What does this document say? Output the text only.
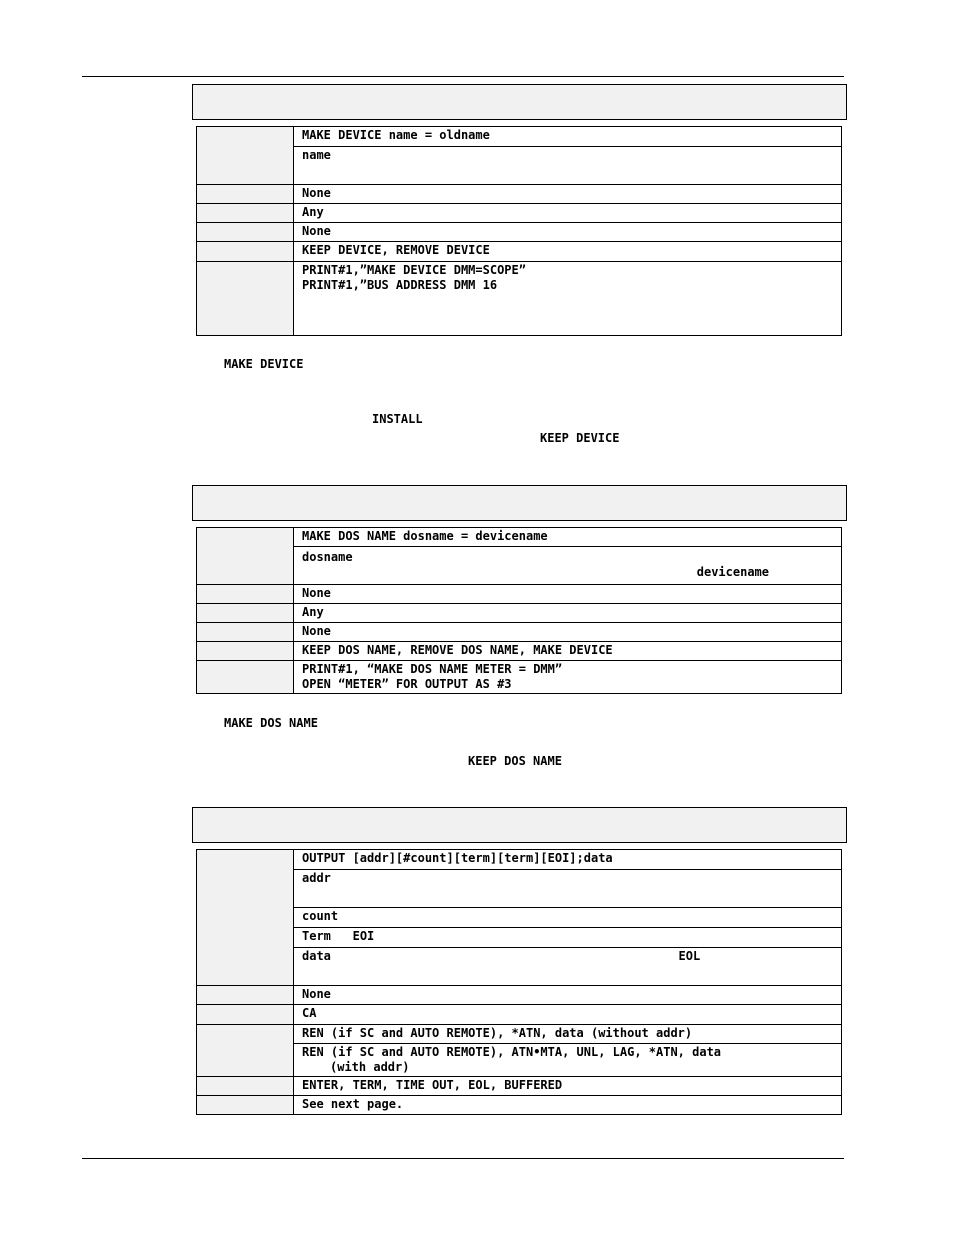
	MAKE DEVICE name = oldname
	name
	None
	Any
	None
	KEEP DEVICE, REMOVE DEVICE

	PRINT#1,”MAKE DEVICE DMM=SCOPE”
PRINT#1,”BUS ADDRESS DMM 16
MAKE DEVICE
INSTALL
KEEP DEVICE
	MAKE DOS NAME dosname = devicename

	dosname
devicename

	None
	Any
	None
	KEEP DOS NAME, REMOVE DOS NAME, MAKE DEVICE

	PRINT#1, “MAKE DOS NAME METER = DMM”
OPEN “METER” FOR OUTPUT AS #3
MAKE DOS NAME
KEEP DOS NAME
	OUTPUT [addr][#count][term][term][EOI];data
	addr
	count
	Term EOI
	data EOL

	None
	CA
	REN (if SC and AUTO REMOTE), *ATN, data (without addr)

	REN (if SC and AUTO REMOTE), ATN•MTA, UNL, LAG, *ATN, data
(with addr)

	ENTER, TERM, TIME OUT, EOL, BUFFERED
	See next page.
